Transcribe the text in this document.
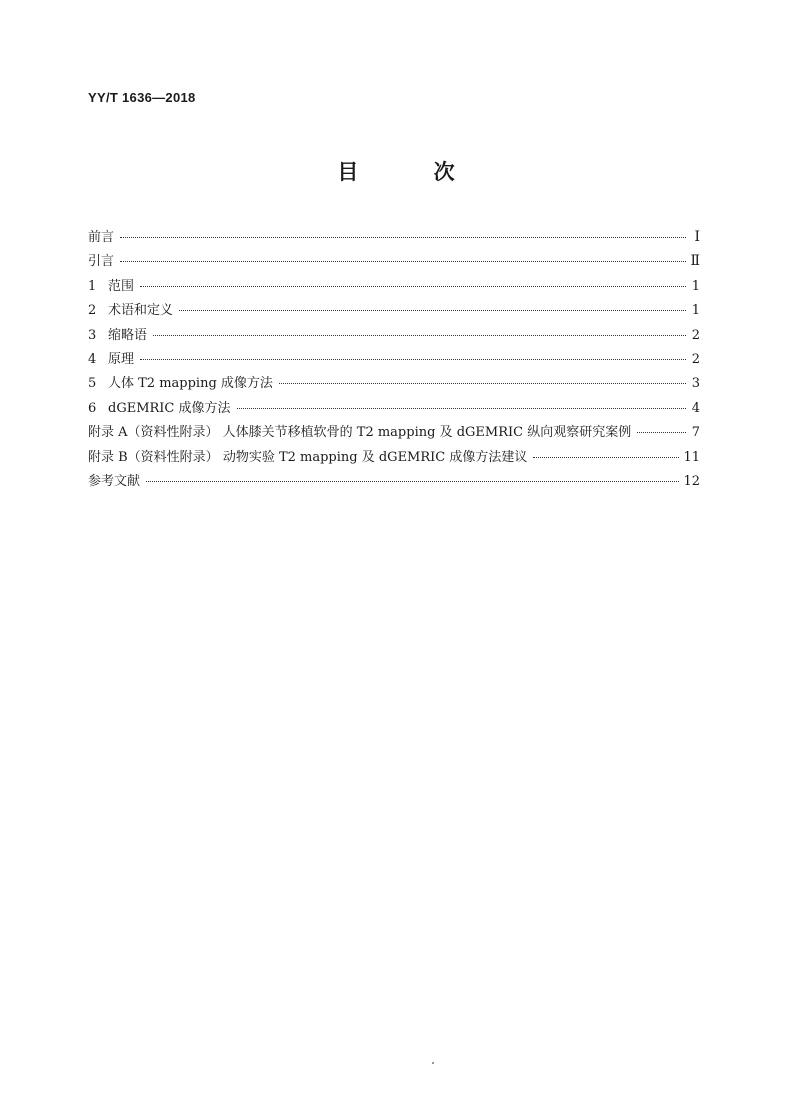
YY/T 1636—2018
目 次
前言	Ⅰ
引言	Ⅱ
1 范围	1
2 术语和定义	1
3 缩略语	2
4 原理	2
5 人体 T2 mapping 成像方法	3
6 dGEMRIC 成像方法	4
附录 A（资料性附录） 人体膝关节移植软骨的 T2 mapping 及 dGEMRIC 纵向观察研究案例	7
附录 B（资料性附录） 动物实验 T2 mapping 及 dGEMRIC 成像方法建议	11
参考文献	12
